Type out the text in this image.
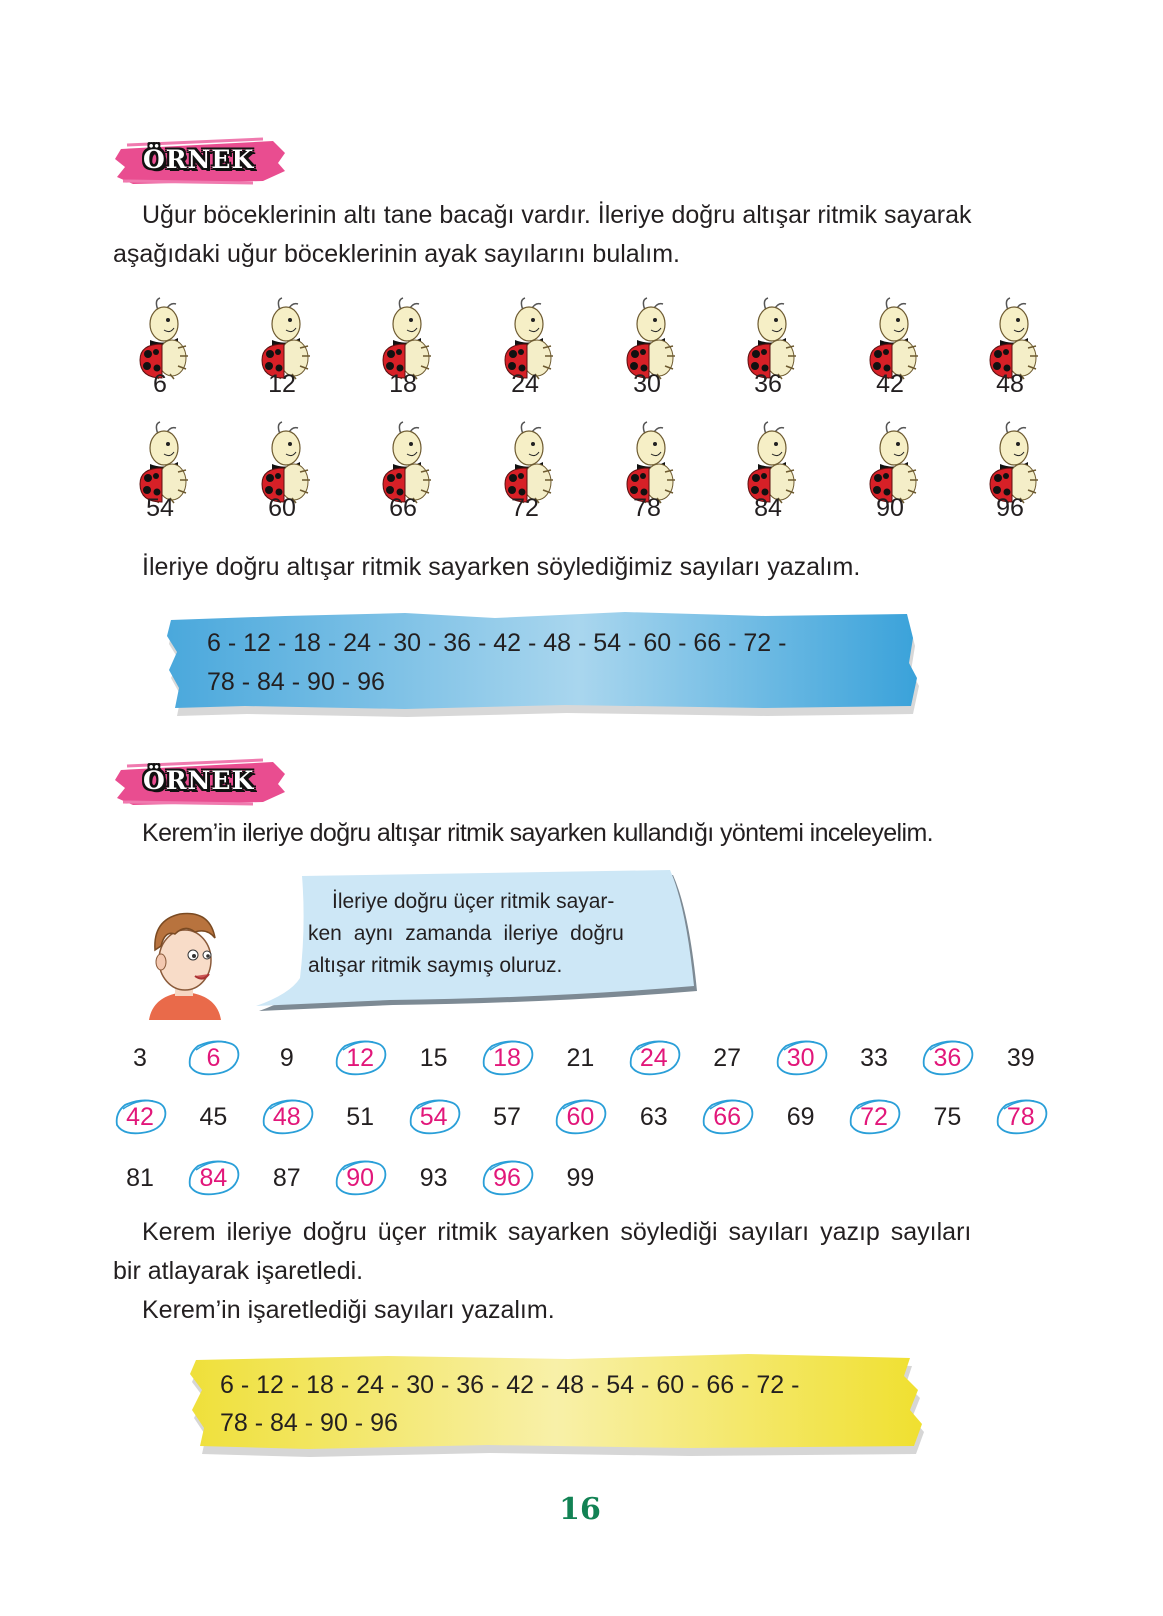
ÖRNEK
Uğur böceklerinin altı tane bacağı vardır. İleriye doğru altışar ritmik sayarak
aşağıdaki uğur böceklerinin ayak sayılarını bulalım.
6	12	18	24	30	36	42	48
54	60	66	72	78	84	90	96
İleriye doğru altışar ritmik sayarken söylediğimiz sayıları yazalım.
6 - 12 - 18 - 24 - 30 - 36 - 42 - 48 - 54 - 60 - 66 - 72 -
78 - 84 - 90 - 96
ÖRNEK
Kerem’in ileriye doğru altışar ritmik sayarken kullandığı yöntemi inceleyelim.
İleriye doğru üçer ritmik sayar-
ken aynı zamanda ileriye doğru
altışar ritmik saymış oluruz.
3	6	9	12	15	18	21	24	27	30	33	36	39
42	45	48	51	54	57	60	63	66	69	72	75	78
81	84	87	90	93	96	99
Kerem ileriye doğru üçer ritmik sayarken söylediği sayıları yazıp sayıları
bir atlayarak işaretledi.
Kerem’in işaretlediği sayıları yazalım.
6 - 12 - 18 - 24 - 30 - 36 - 42 - 48 - 54 - 60 - 66 - 72 -
78 - 84 - 90 - 96
16
